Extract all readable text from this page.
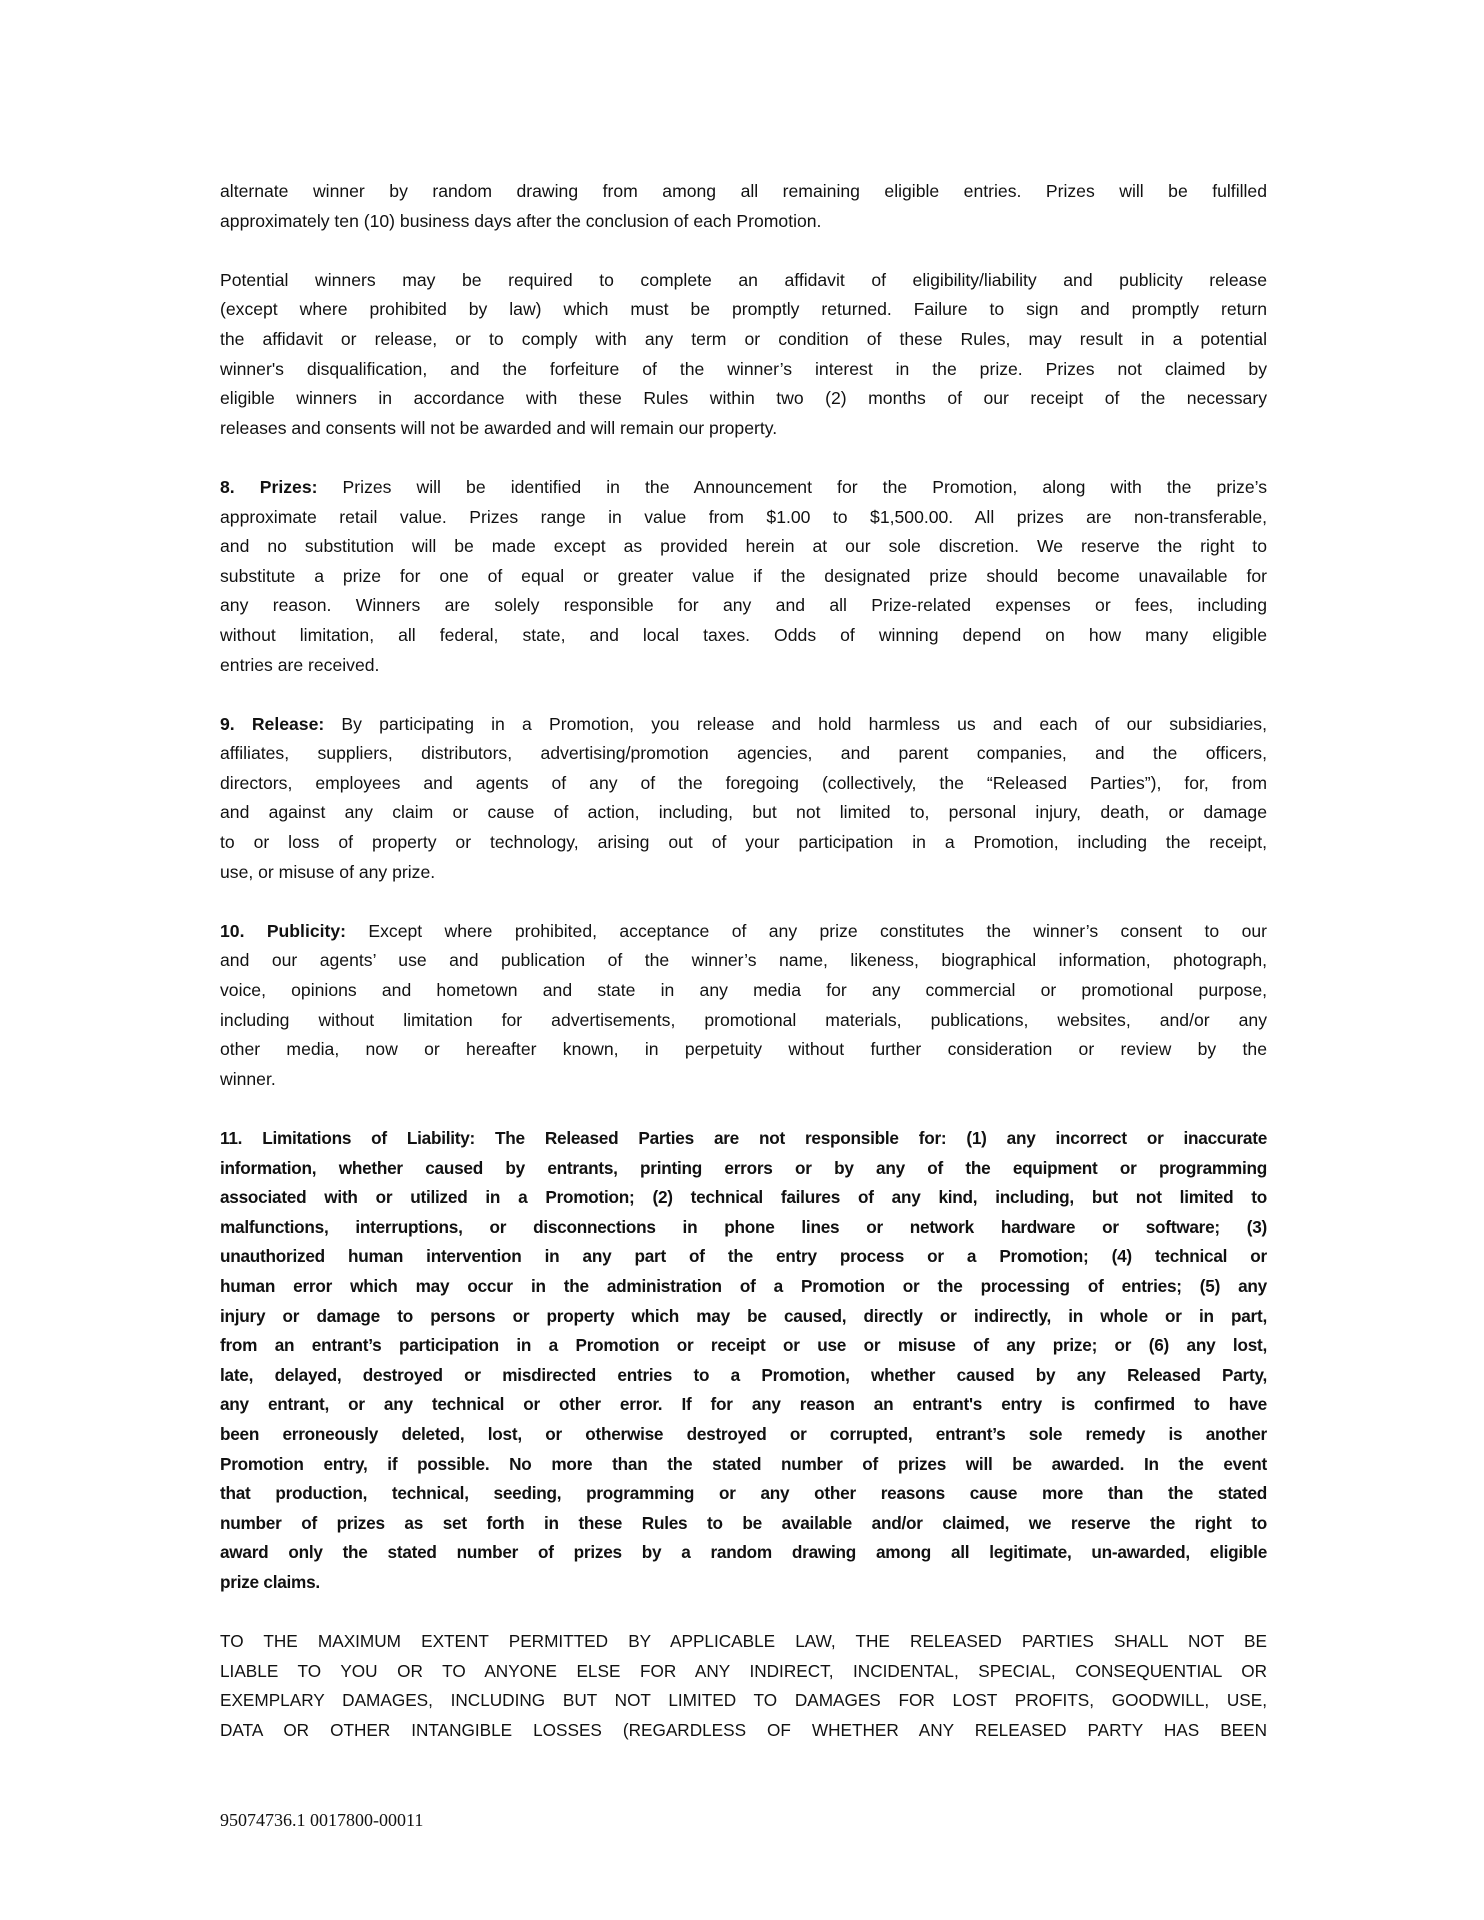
alternate winner by random drawing from among all remaining eligible entries. Prizes will be fulfilled
approximately ten (10) business days after the conclusion of each Promotion.
Potential winners may be required to complete an affidavit of eligibility/liability and publicity release
(except where prohibited by law) which must be promptly returned. Failure to sign and promptly return
the affidavit or release, or to comply with any term or condition of these Rules, may result in a potential
winner's disqualification, and the forfeiture of the winner’s interest in the prize. Prizes not claimed by
eligible winners in accordance with these Rules within two (2) months of our receipt of the necessary
releases and consents will not be awarded and will remain our property.
8. Prizes: Prizes will be identified in the Announcement for the Promotion, along with the prize’s
approximate retail value. Prizes range in value from $1.00 to $1,500.00. All prizes are non-transferable,
and no substitution will be made except as provided herein at our sole discretion. We reserve the right to
substitute a prize for one of equal or greater value if the designated prize should become unavailable for
any reason. Winners are solely responsible for any and all Prize-related expenses or fees, including
without limitation, all federal, state, and local taxes. Odds of winning depend on how many eligible
entries are received.
9. Release: By participating in a Promotion, you release and hold harmless us and each of our subsidiaries,
affiliates, suppliers, distributors, advertising/promotion agencies, and parent companies, and the officers,
directors, employees and agents of any of the foregoing (collectively, the “Released Parties”), for, from
and against any claim or cause of action, including, but not limited to, personal injury, death, or damage
to or loss of property or technology, arising out of your participation in a Promotion, including the receipt,
use, or misuse of any prize.
10. Publicity: Except where prohibited, acceptance of any prize constitutes the winner’s consent to our
and our agents’ use and publication of the winner’s name, likeness, biographical information, photograph,
voice, opinions and hometown and state in any media for any commercial or promotional purpose,
including without limitation for advertisements, promotional materials, publications, websites, and/or any
other media, now or hereafter known, in perpetuity without further consideration or review by the
winner.
11. Limitations of Liability: The Released Parties are not responsible for: (1) any incorrect or inaccurate
information, whether caused by entrants, printing errors or by any of the equipment or programming
associated with or utilized in a Promotion; (2) technical failures of any kind, including, but not limited to
malfunctions, interruptions, or disconnections in phone lines or network hardware or software; (3)
unauthorized human intervention in any part of the entry process or a Promotion; (4) technical or
human error which may occur in the administration of a Promotion or the processing of entries; (5) any
injury or damage to persons or property which may be caused, directly or indirectly, in whole or in part,
from an entrant’s participation in a Promotion or receipt or use or misuse of any prize; or (6) any lost,
late, delayed, destroyed or misdirected entries to a Promotion, whether caused by any Released Party,
any entrant, or any technical or other error. If for any reason an entrant's entry is confirmed to have
been erroneously deleted, lost, or otherwise destroyed or corrupted, entrant’s sole remedy is another
Promotion entry, if possible. No more than the stated number of prizes will be awarded. In the event
that production, technical, seeding, programming or any other reasons cause more than the stated
number of prizes as set forth in these Rules to be available and/or claimed, we reserve the right to
award only the stated number of prizes by a random drawing among all legitimate, un-awarded, eligible
prize claims.
TO THE MAXIMUM EXTENT PERMITTED BY APPLICABLE LAW, THE RELEASED PARTIES SHALL NOT BE
LIABLE TO YOU OR TO ANYONE ELSE FOR ANY INDIRECT, INCIDENTAL, SPECIAL, CONSEQUENTIAL OR
EXEMPLARY DAMAGES, INCLUDING BUT NOT LIMITED TO DAMAGES FOR LOST PROFITS, GOODWILL, USE,
DATA OR OTHER INTANGIBLE LOSSES (REGARDLESS OF WHETHER ANY RELEASED PARTY HAS BEEN
95074736.1 0017800-00011
